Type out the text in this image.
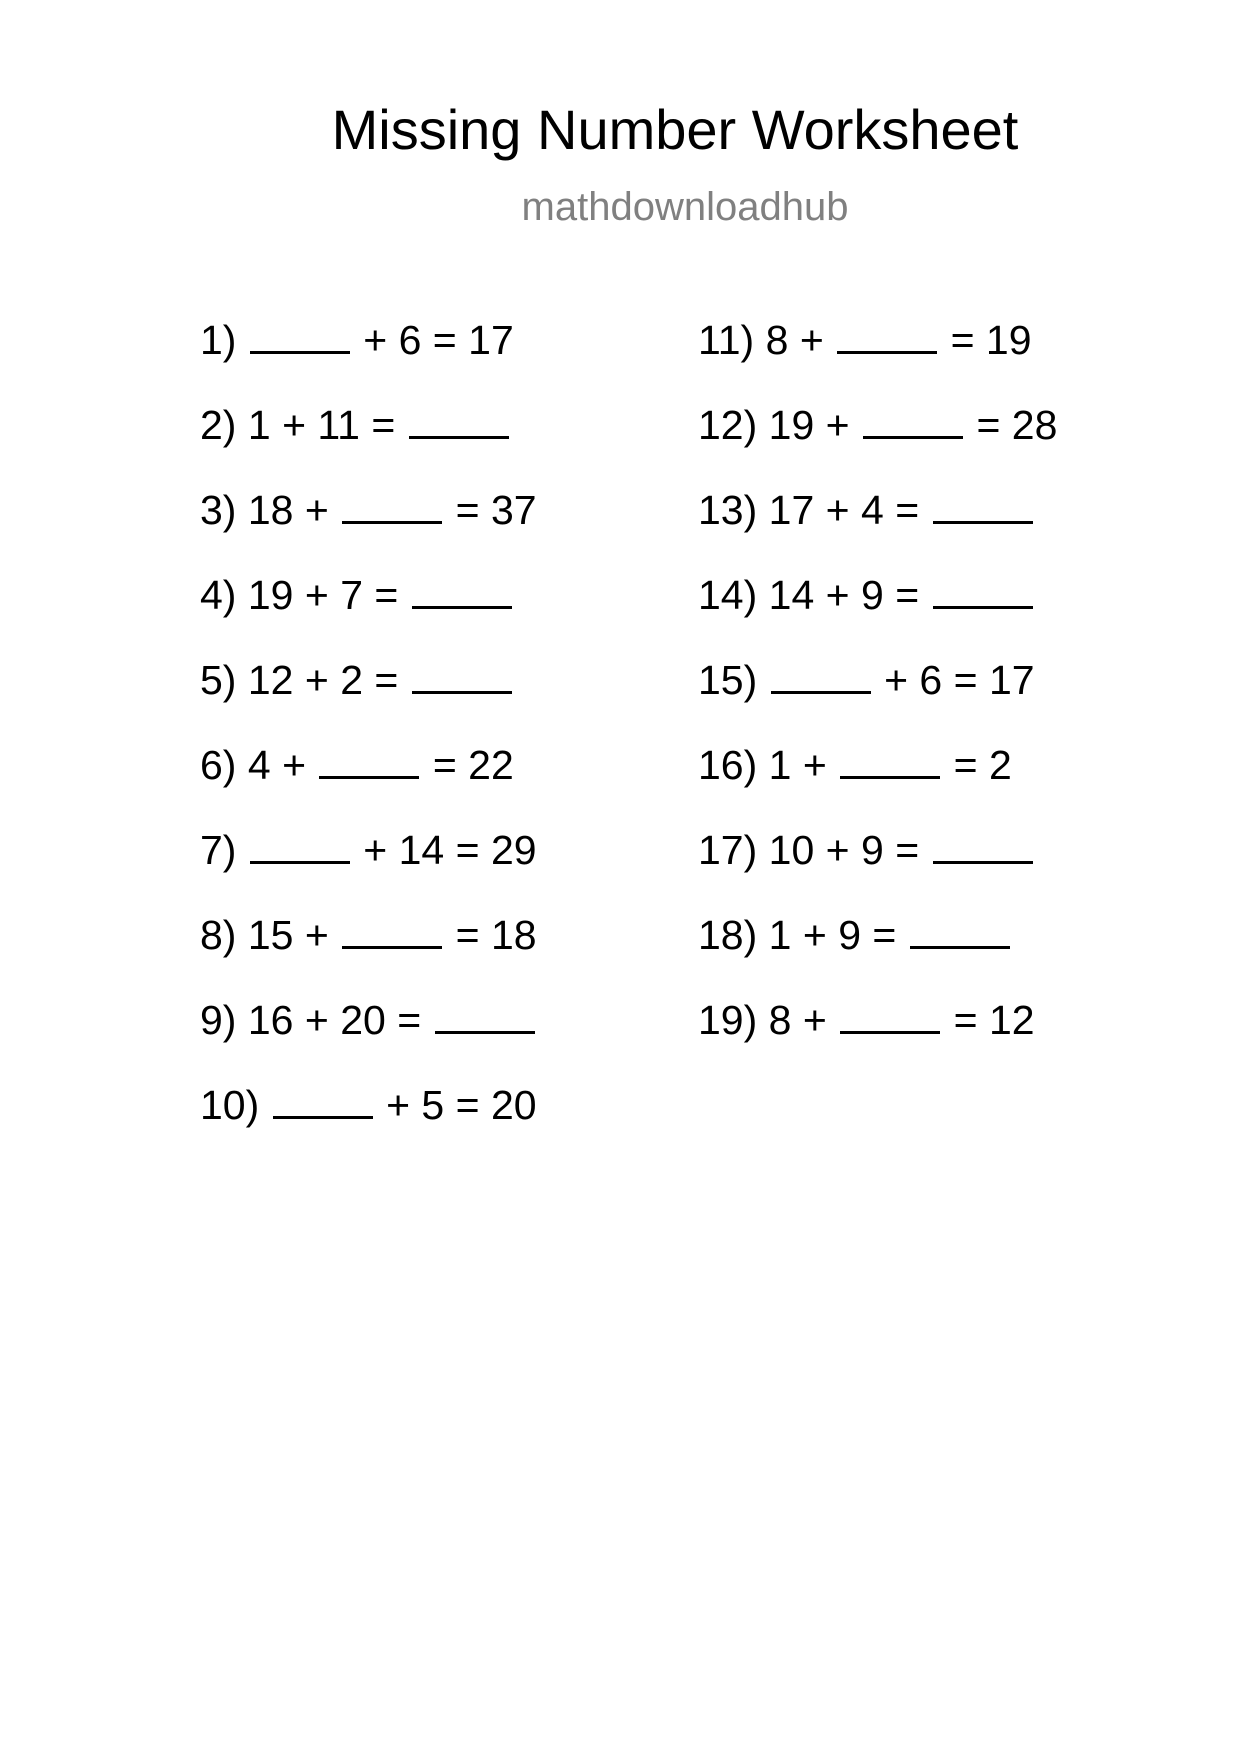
Missing Number Worksheet
mathdownloadhub
1)	+ 6 = 17
2) 1 + 11 =
3) 18 +	= 37
4) 19 + 7 =
5) 12 + 2 =
6) 4 +	= 22
7)	+ 14 = 29
8) 15 +	= 18
9) 16 + 20 =
10)	+ 5 = 20
11) 8 +	= 19
12) 19 +	= 28
13) 17 + 4 =
14) 14 + 9 =
15)	+ 6 = 17
16) 1 +	= 2
17) 10 + 9 =
18) 1 + 9 =
19) 8 +	= 12
